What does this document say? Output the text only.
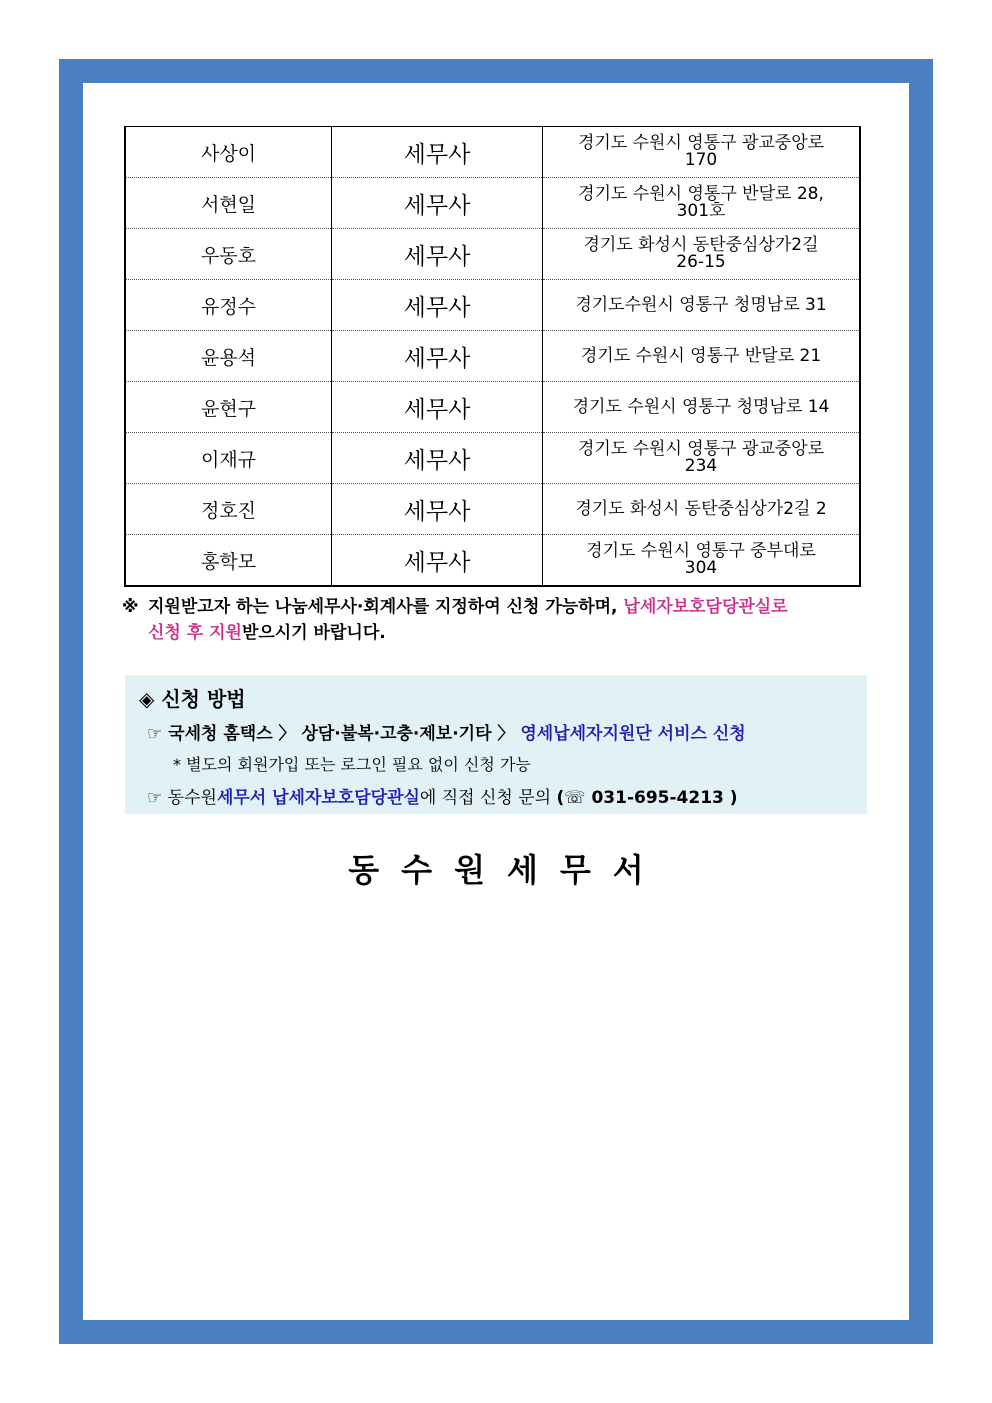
사상이	세무사	경기도 수원시 영통구 광교중앙로
170

서현일	세무사	경기도 수원시 영통구 반달로 28,
301호

우동호	세무사	경기도 화성시 동탄중심상가2길
26-15

유정수	세무사	경기도수원시 영통구 청명남로 31

윤용석	세무사	경기도 수원시 영통구 반달로 21

윤현구	세무사	경기도 수원시 영통구 청명남로 14

이재규	세무사	경기도 수원시 영통구 광교중앙로
234

정호진	세무사	경기도 화성시 동탄중심상가2길 2

홍학모	세무사	경기도 수원시 영통구 중부대로
304
※ 지원받고자 하는 나눔세무사·회계사를 지정하여 신청 가능하며, 납세자보호담당관실로
신청 후 지원받으시기 바랍니다.
◈ 신청 방법
☞ 국세청 홈택스 〉 상담·불복·고충·제보·기타 〉 영세납세자지원단 서비스 신청
* 별도의 회원가입 또는 로그인 필요 없이 신청 가능
☞ 동수원세무서 납세자보호담당관실에 직접 신청 문의 (☏ 031-695-4213 )
동수원세무서
